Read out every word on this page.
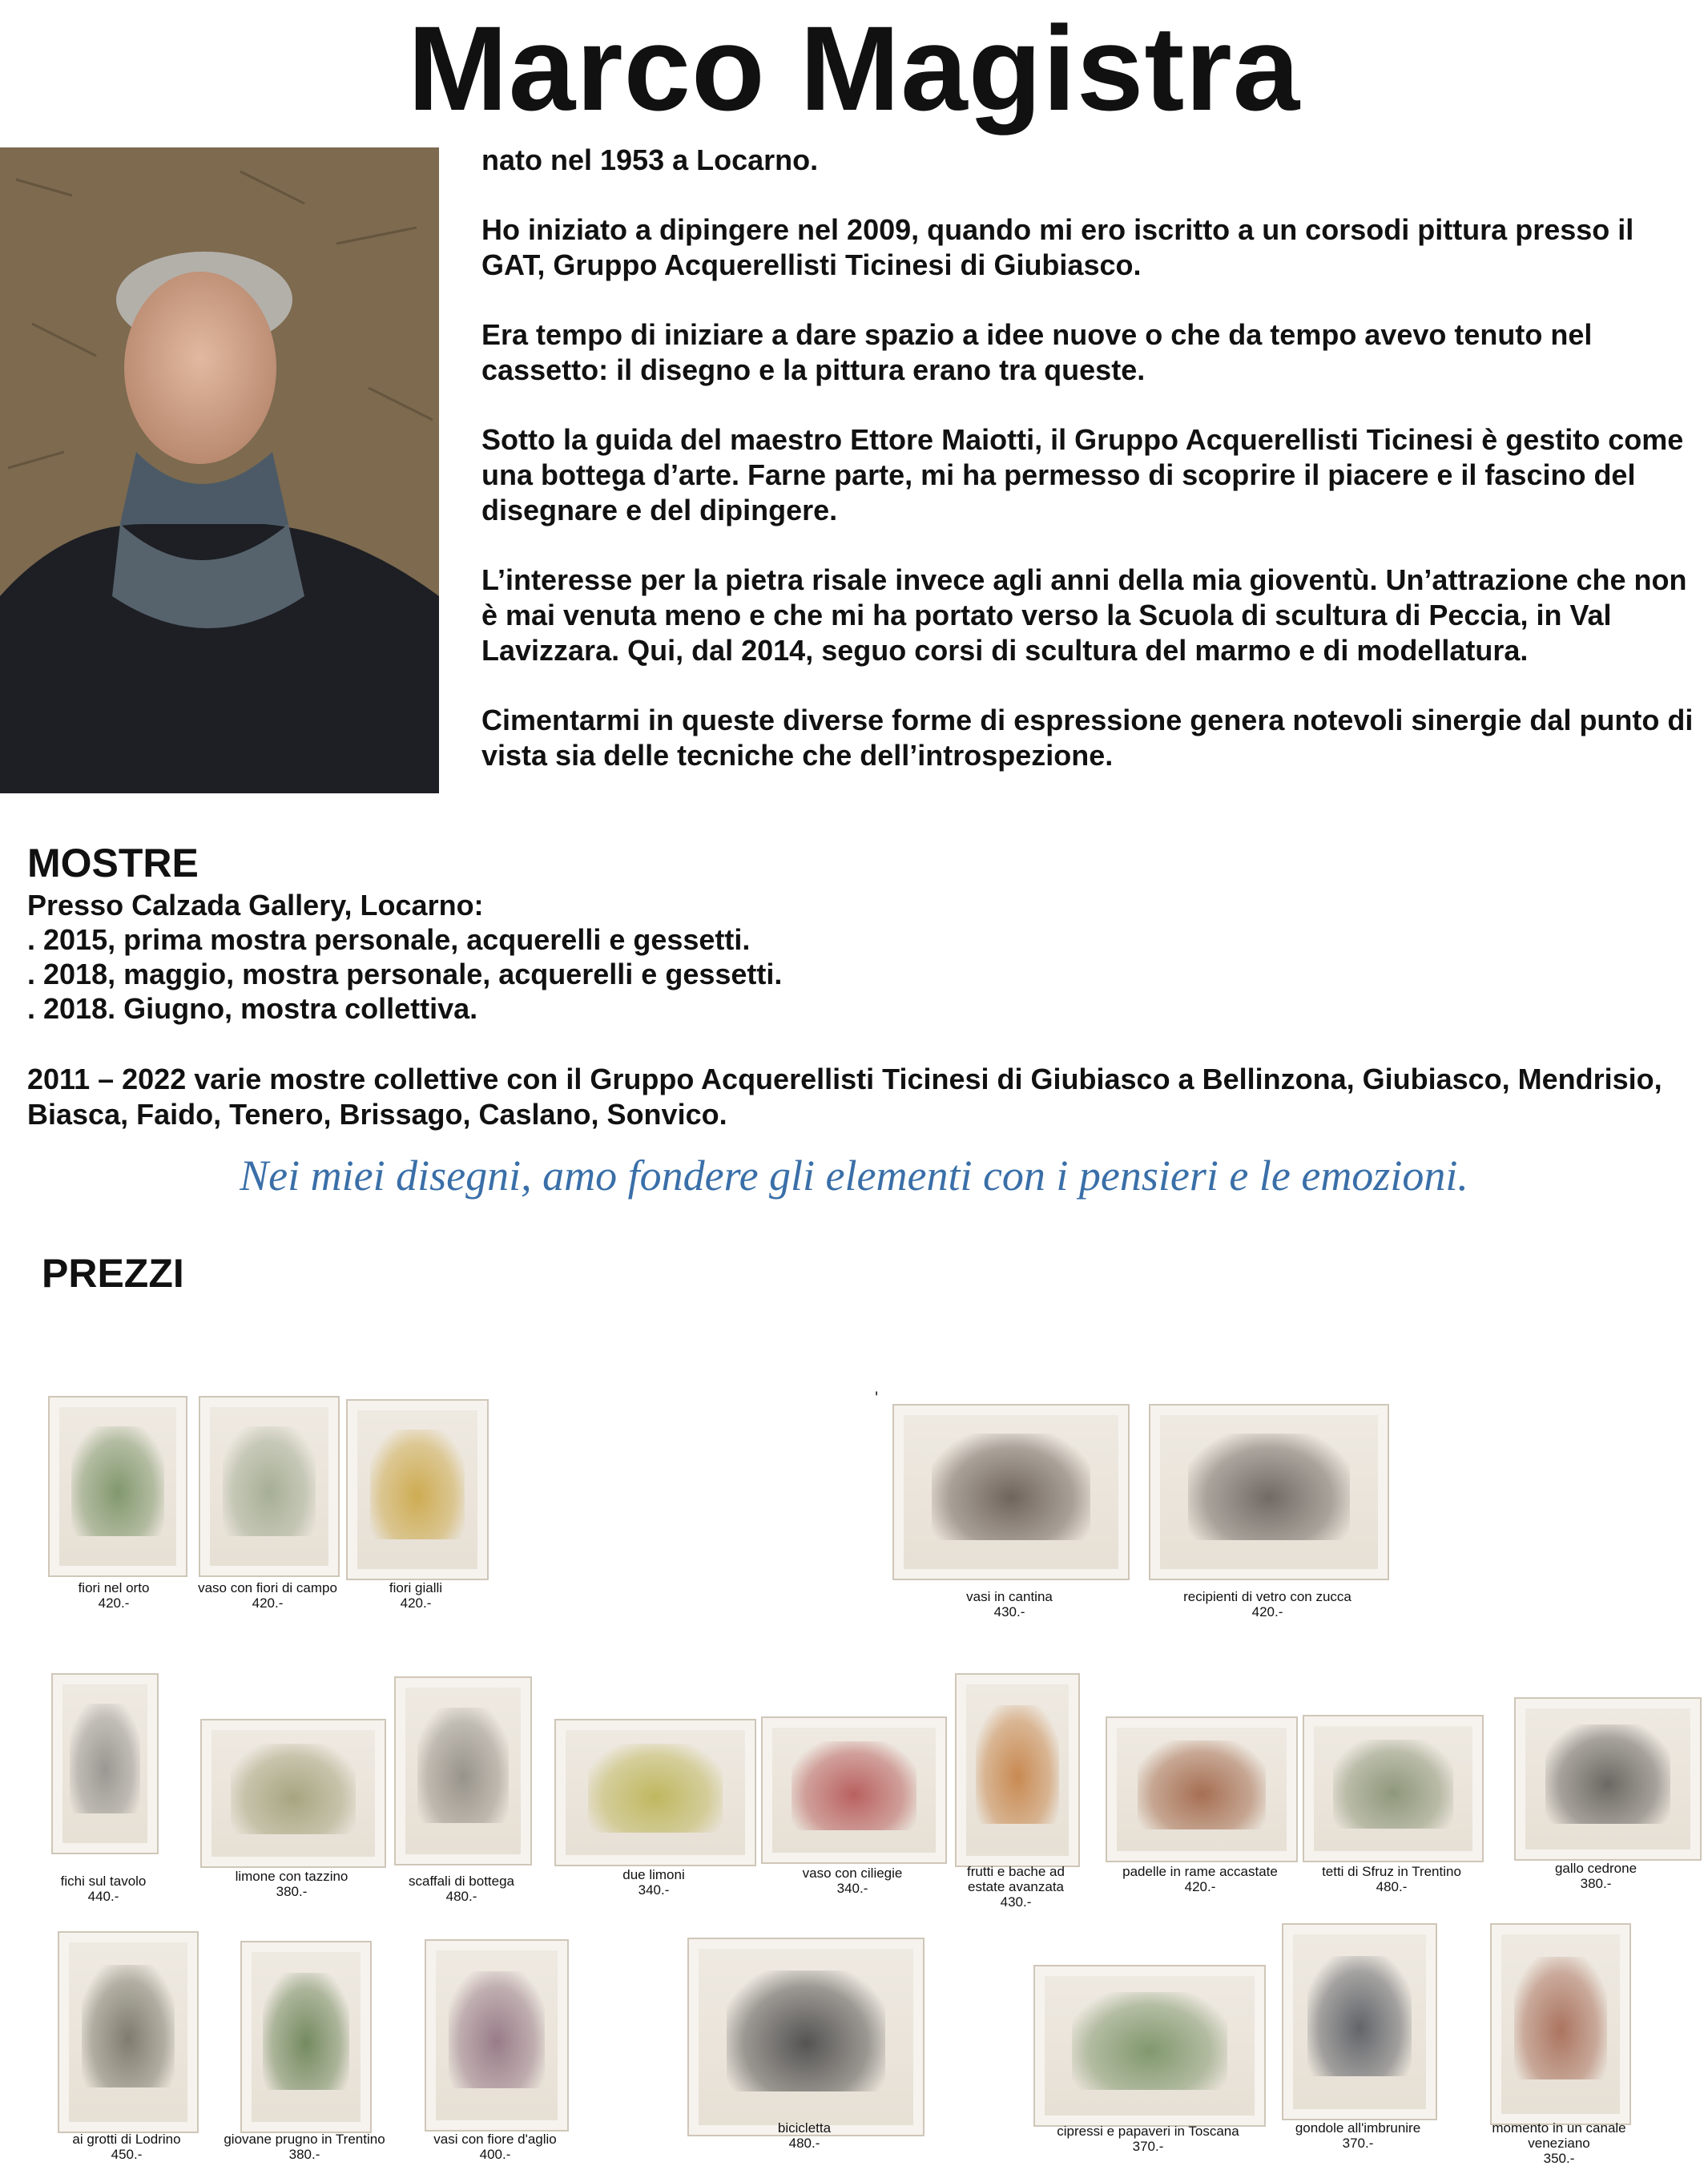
Marco Magistra

nato nel 1953 a Locarno.

Ho iniziato a dipingere nel 2009, quando mi ero iscritto a un corsodi pittura presso il GAT, Gruppo Acquerellisti Ticinesi di Giubiasco.

Era tempo di iniziare a dare spazio a idee nuove o che da tempo avevo tenuto nel cassetto: il disegno e la pittura erano tra queste.

Sotto la guida del maestro Ettore Maiotti, il Gruppo Acquerellisti Ticinesi è gestito come una bottega d’arte. Farne parte, mi ha permesso di scoprire il piacere e il fascino del disegnare e del dipingere.

L’interesse per la pietra risale invece agli anni della mia gioventù. Un’attrazione che non è mai venuta meno e che mi ha portato verso la Scuola di scultura di Peccia, in Val Lavizzara. Qui, dal 2014, seguo corsi di scultura del marmo e di modellatura.

Cimentarmi in queste diverse forme di espressione genera notevoli sinergie dal punto di vista sia delle tecniche che dell’introspezione.

MOSTRE
Presso Calzada Gallery, Locarno:
. 2015, prima mostra personale, acquerelli e gessetti.
. 2018, maggio, mostra personale, acquerelli e gessetti.
. 2018. Giugno, mostra collettiva.
2011 – 2022 varie mostre collettive con il Gruppo Acquerellisti Ticinesi di Giubiasco a Bellinzona, Giubiasco, Mendrisio, Biasca, Faido, Tenero, Brissago, Caslano, Sonvico.
Nei miei disegni, amo fondere gli elementi con i pensieri e le emozioni.
PREZZI
'
fiori nel orto
420.-
vaso con fiori di campo
420.-
fiori gialli
420.-	vasi in cantina
430.-
recipienti di vetro con zucca
420.-
fichi sul tavolo
440.-
limone con tazzino
380.-
scaffali di bottega
480.-
due limoni
340.-
vaso con ciliegie
340.-
frutti e bache ad estate avanzata
430.-
padelle in rame accastate
420.-
tetti di Sfruz in Trentino
480.-
gallo cedrone
380.-
ai grotti di Lodrino
450.-
giovane prugno in Trentino
380.-
vasi con fiore d'aglio
400.-
bicicletta
480.-
cipressi e papaveri in Toscana
370.-
gondole all'imbrunire
370.-
momento in un canale veneziano
350.-
